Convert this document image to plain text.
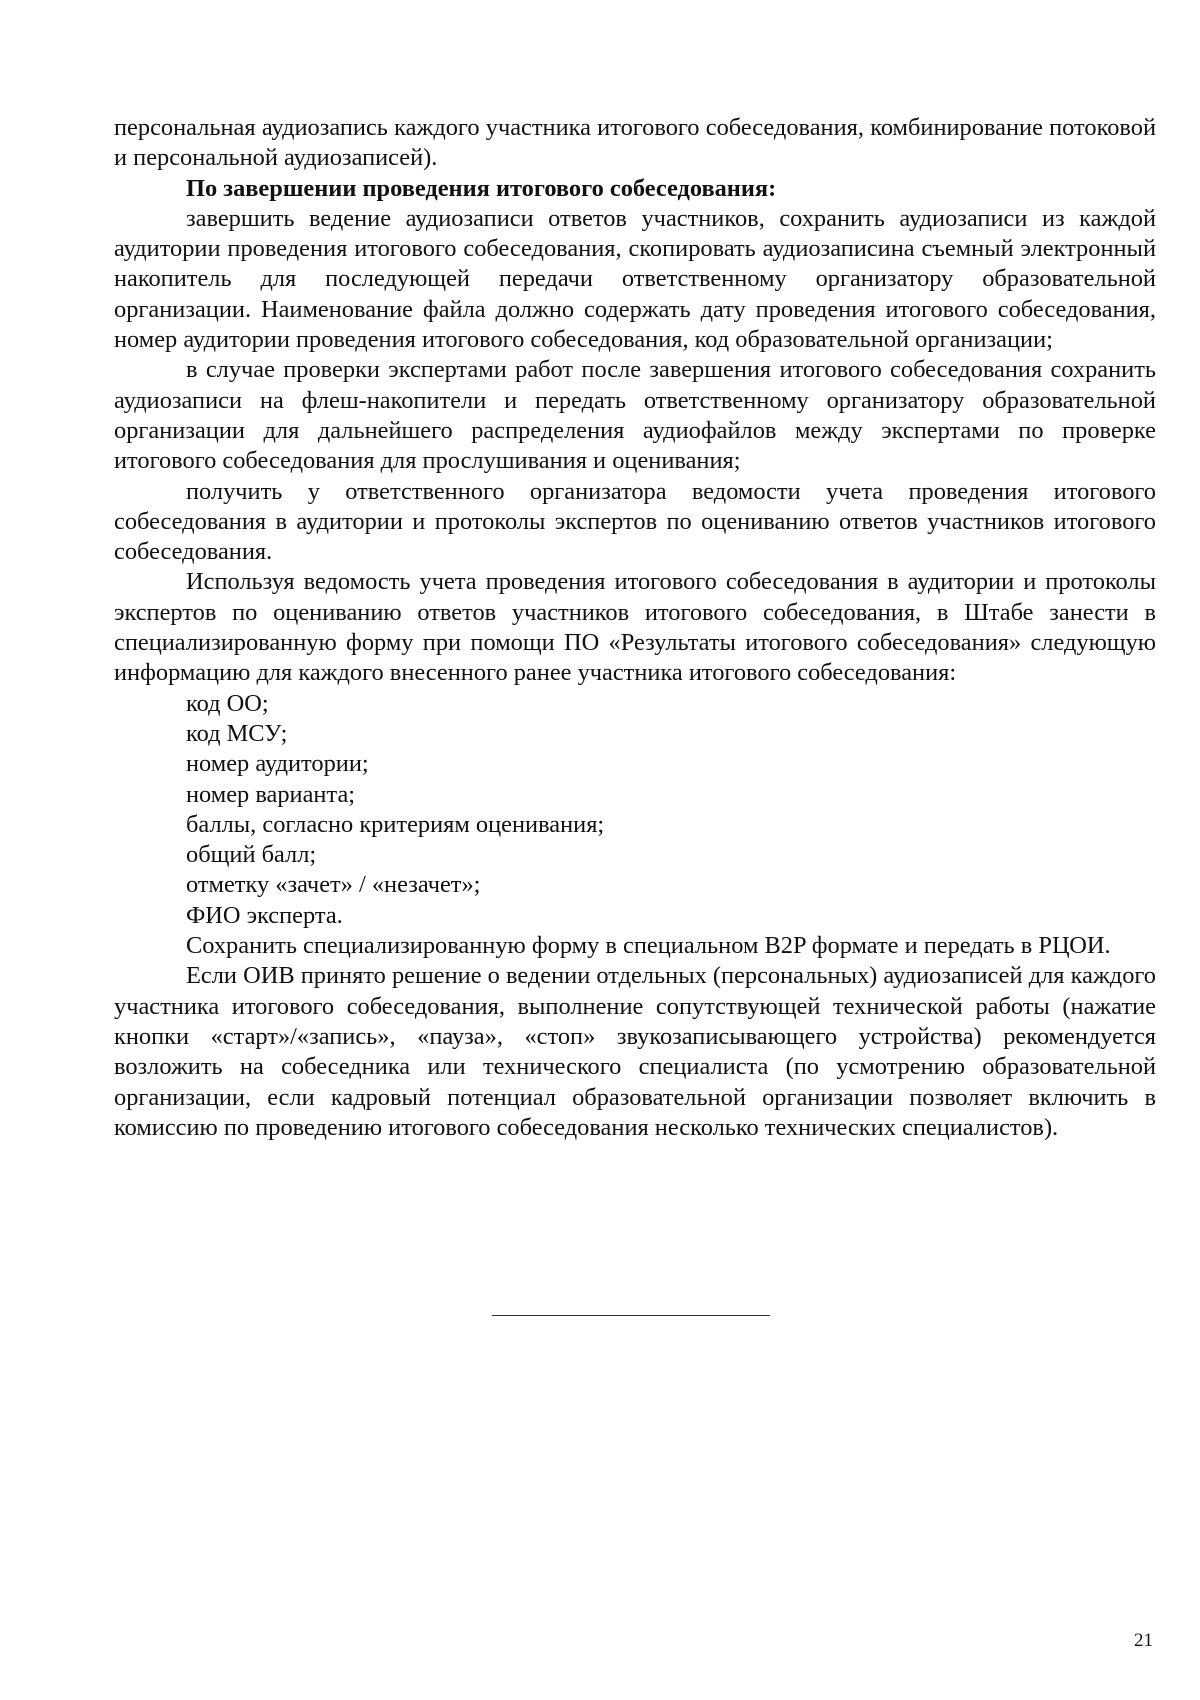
персональная аудиозапись каждого участника итогового собеседования, комбинирование потоковой и персональной аудиозаписей).

По завершении проведения итогового собеседования:

завершить ведение аудиозаписи ответов участников, сохранить аудиозаписи из каждой аудитории проведения итогового собеседования, скопировать аудиозаписина съемный электронный накопитель для последующей передачи ответственному организатору образовательной организации. Наименование файла должно содержать дату проведения итогового собеседования, номер аудитории проведения итогового собеседования, код образовательной организации;

в случае проверки экспертами работ после завершения итогового собеседования сохранить аудиозаписи на флеш-накопители и передать ответственному организатору образовательной организации для дальнейшего распределения аудиофайлов между экспертами по проверке итогового собеседования для прослушивания и оценивания;

получить у ответственного организатора ведомости учета проведения итогового собеседования в аудитории и протоколы экспертов по оцениванию ответов участников итогового собеседования.

Используя ведомость учета проведения итогового собеседования в аудитории и протоколы экспертов по оцениванию ответов участников итогового собеседования, в Штабе занести в специализированную форму при помощи ПО «Результаты итогового собеседования» следующую информацию для каждого внесенного ранее участника итогового собеседования:

код ОО;

код МСУ;

номер аудитории;

номер варианта;

баллы, согласно критериям оценивания;

общий балл;

отметку «зачет» / «незачет»;

ФИО эксперта.

Сохранить специализированную форму в специальном B2P формате и передать в РЦОИ.

Если ОИВ принято решение о ведении отдельных (персональных) аудиозаписей для каждого участника итогового собеседования, выполнение сопутствующей технической работы (нажатие кнопки «старт»/«запись», «пауза», «стоп» звукозаписывающего устройства) рекомендуется возложить на собеседника или технического специалиста (по усмотрению образовательной организации, если кадровый потенциал образовательной организации позволяет включить в комиссию по проведению итогового собеседования несколько технических специалистов).

21
